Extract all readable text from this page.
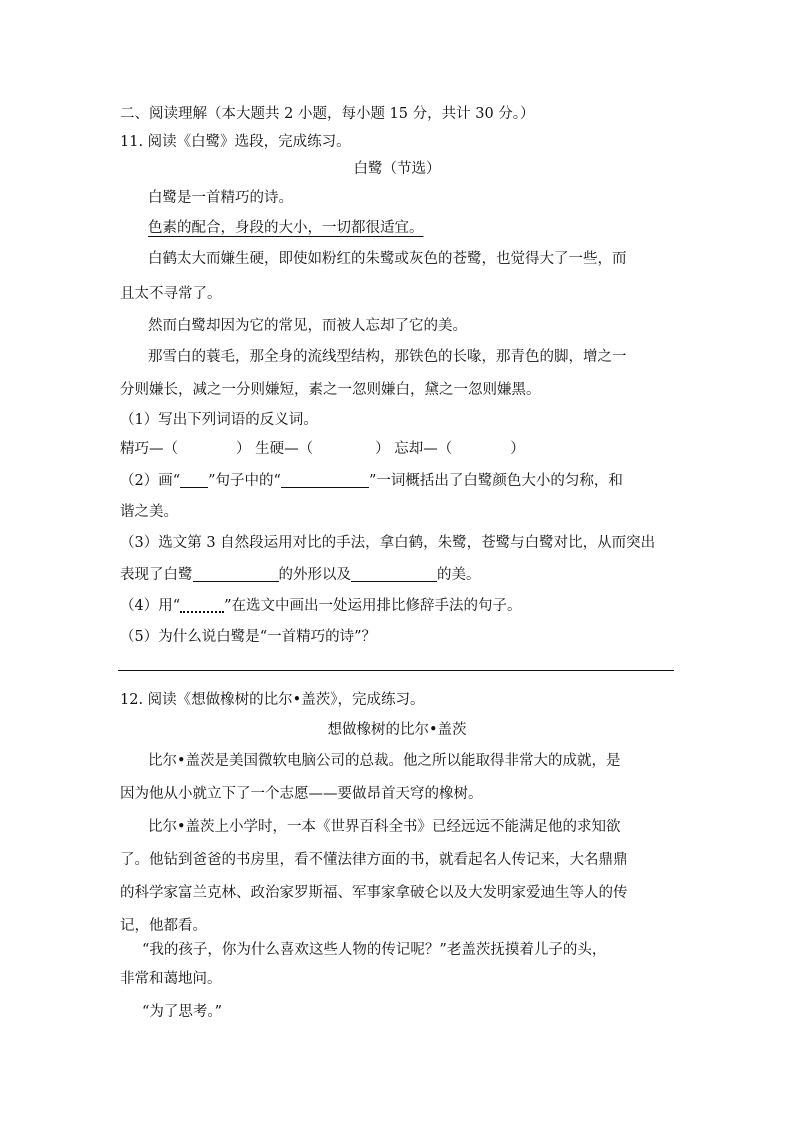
二、阅读理解（本大题共 2 小题，每小题 15 分，共计 30 分。）
11. 阅读《白鹭》选段，完成练习。
白鹭（节选）
白鹭是一首精巧的诗。
色素的配合，身段的大小，一切都很适宜。
白鹤太大而嫌生硬，即使如粉红的朱鹭或灰色的苍鹭，也觉得大了一些，而
且太不寻常了。
然而白鹭却因为它的常见，而被人忘却了它的美。
那雪白的蓑毛，那全身的流线型结构，那铁色的长喙，那青色的脚，增之一
分则嫌长，减之一分则嫌短，素之一忽则嫌白，黛之一忽则嫌黑。
（1）写出下列词语的反义词。
精巧—（	） 生硬—（	） 忘却—（	）
（2）画“ ”句子中的“	”一词概括出了白鹭颜色大小的匀称，和
谐之美。
（3）选文第 3 自然段运用对比的手法，拿白鹤，朱鹭，苍鹭与白鹭对比，从而突出
表现了白鹭	的外形以及	的美。
（4）用“	”在选文中画出一处运用排比修辞手法的句子。
（5）为什么说白鹭是“一首精巧的诗”？
12. 阅读《想做橡树的比尔•盖茨》，完成练习。
想做橡树的比尔•盖茨
比尔•盖茨是美国微软电脑公司的总裁。他之所以能取得非常大的成就，是
因为他从小就立下了一个志愿——要做昂首天穹的橡树。
比尔•盖茨上小学时，一本《世界百科全书》已经远远不能满足他的求知欲
了。他钻到爸爸的书房里，看不懂法律方面的书，就看起名人传记来，大名鼎鼎
的科学家富兰克林、政治家罗斯福、军事家拿破仑以及大发明家爱迪生等人的传
记，他都看。
“我的孩子，你为什么喜欢这些人物的传记呢？”老盖茨抚摸着儿子的头，
非常和蔼地问。
“为了思考。”
